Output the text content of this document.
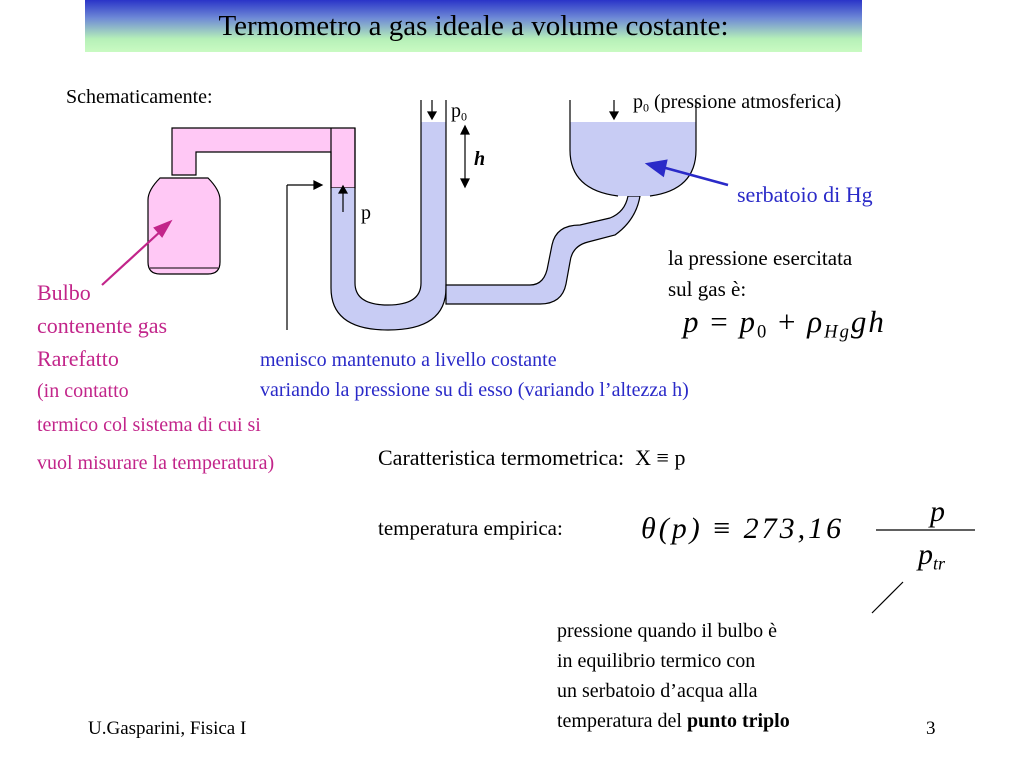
Termometro a gas ideale a volume costante:
Schematicamente:
$p_0$
h
p
$p_0$ (pressione atmosferica)
serbatoio di Hg
Bulbo
contenente gas
Rarefatto
(in contatto
termico col sistema di cui si
vuol misurare la temperatura)
menisco mantenuto a livello costante
variando la pressione su di esso (variando l’altezza h)
la pressione esercitata
sul gas è:
$p = p_0 + \rho_{Hg}gh$
Caratteristica termometrica: X ≡ p
temperatura empirica:	θ(p) ≡ 273,16
p
$p_{tr}$
pressione quando il bulbo è
in equilibrio termico con
un serbatoio d’acqua alla
temperatura del punto triplo
U.Gasparini, Fisica I	3
